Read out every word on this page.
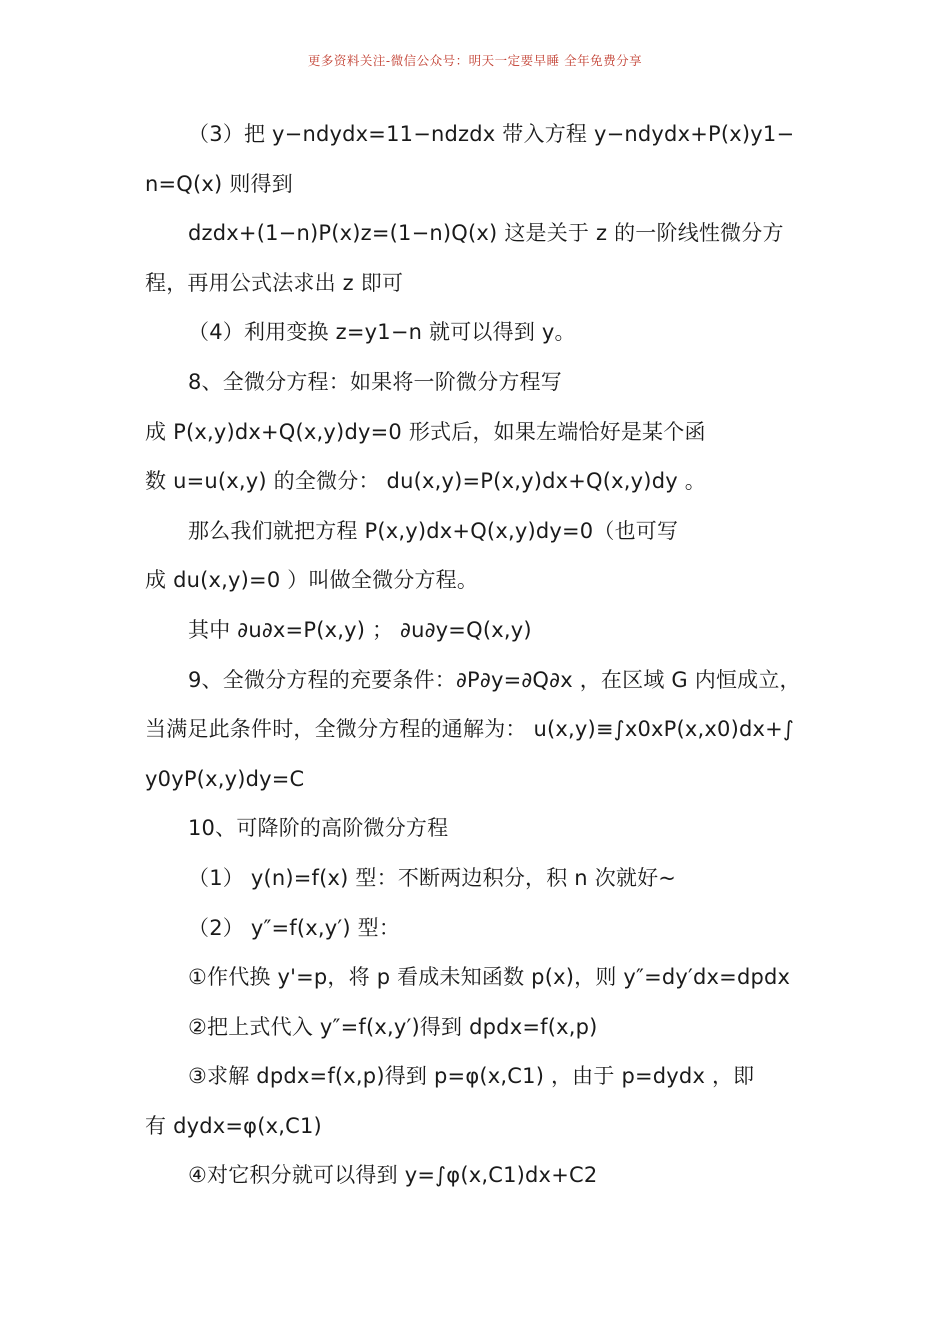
更多资料关注-微信公众号：明天一定要早睡 全年免费分享
（3）把 y−ndydx=11−ndzdx 带入方程 y−ndydx+P(x)y1−
n=Q(x) 则得到
dzdx+(1−n)P(x)z=(1−n)Q(x) 这是关于 z 的一阶线性微分方
程，再用公式法求出 z 即可
（4）利用变换 z=y1−n 就可以得到 y。
8、全微分方程：如果将一阶微分方程写
成 P(x,y)dx+Q(x,y)dy=0 形式后，如果左端恰好是某个函
数 u=u(x,y) 的全微分： du(x,y)=P(x,y)dx+Q(x,y)dy 。
那么我们就把方程 P(x,y)dx+Q(x,y)dy=0（也可写
成 du(x,y)=0 ）叫做全微分方程。
其中 ∂u∂x=P(x,y) ； ∂u∂y=Q(x,y)
9、全微分方程的充要条件：∂P∂y=∂Q∂x ，在区域 G 内恒成立，
当满足此条件时，全微分方程的通解为： u(x,y)≡∫x0xP(x,x0)dx+∫
y0yP(x,y)dy=C
10、可降阶的高阶微分方程
（1） y(n)=f(x) 型：不断两边积分，积 n 次就好~
（2） y″=f(x,y′) 型：
①作代换 y'=p，将 p 看成未知函数 p(x)，则 y″=dy′dx=dpdx
②把上式代入 y″=f(x,y′)得到 dpdx=f(x,p)
③求解 dpdx=f(x,p)得到 p=φ(x,C1) ，由于 p=dydx ，即
有 dydx=φ(x,C1)
④对它积分就可以得到 y=∫φ(x,C1)dx+C2
